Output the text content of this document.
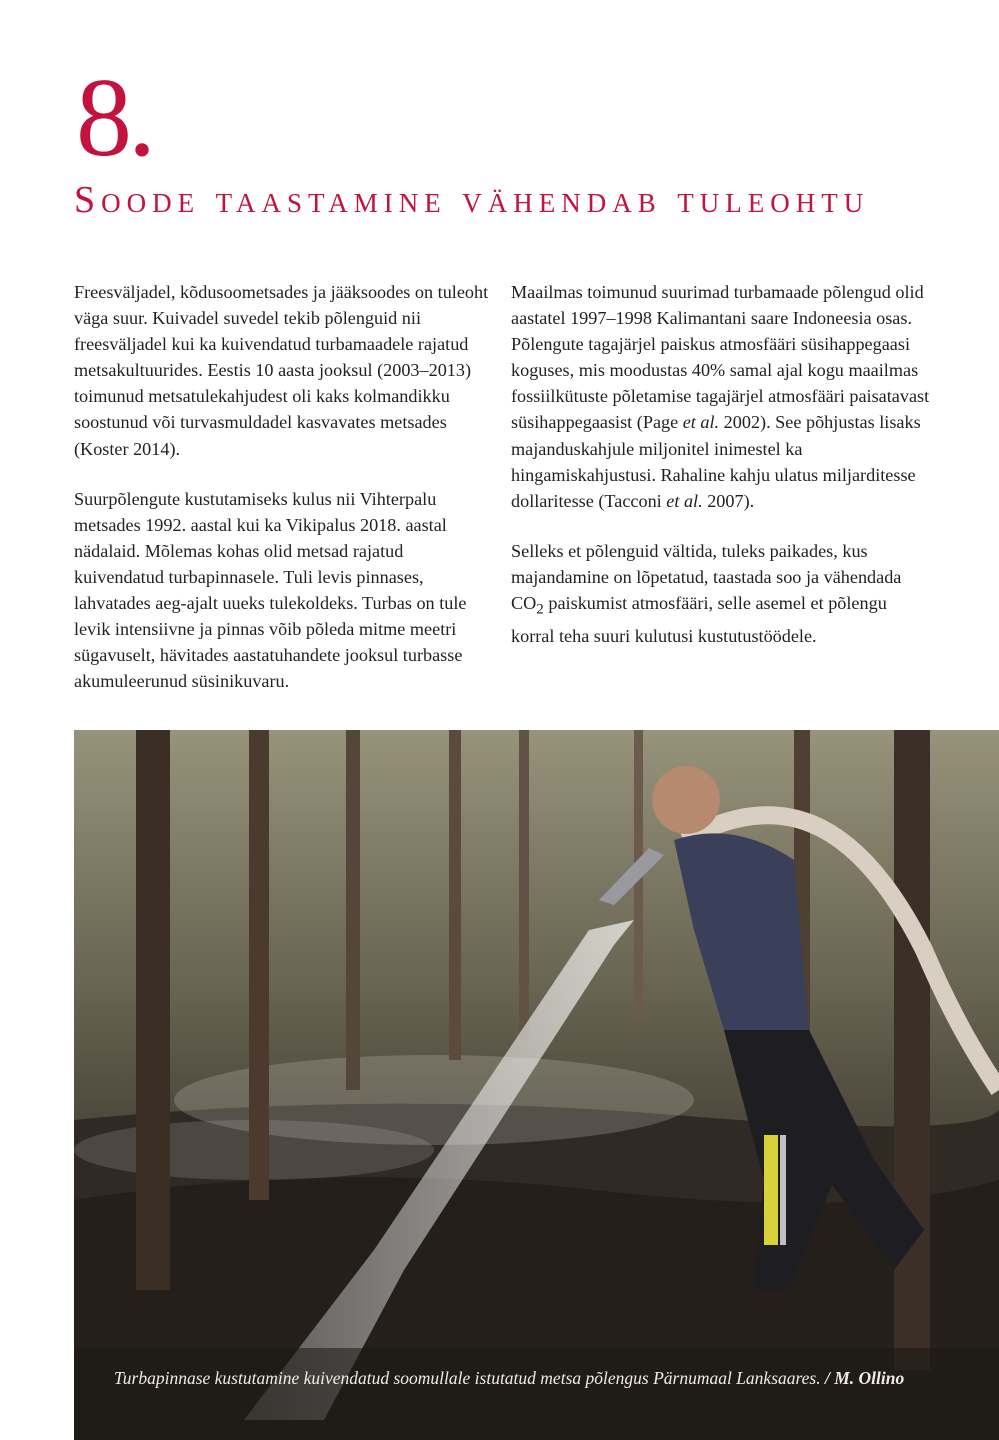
8.
Soode taastamine vähendab tuleohtu

Freesväljadel, kõdusoometsades ja jääksoodes on tuleoht väga suur. Kuivadel suvedel tekib põlenguid nii freesväljadel kui ka kuivendatud turbamaadele rajatud metsakultuurides. Eestis 10 aasta jooksul (2003–2013) toimunud metsatulekahjudest oli kaks kolmandikku soostunud või turvasmuldadel kasvavates metsades (Koster 2014).

Suurpõlengute kustutamiseks kulus nii Vihterpalu metsades 1992. aastal kui ka Vikipalus 2018. aastal nädalaid. Mõlemas kohas olid metsad rajatud kuivendatud turbapinnasele. Tuli levis pinnases, lahvatades aeg-ajalt uueks tulekoldeks. Turbas on tule levik intensiivne ja pinnas võib põleda mitme meetri sügavuselt, hävitades aastatuhandete jooksul turbasse akumuleerunud süsinikuvaru.

Maailmas toimunud suurimad turbamaade põlengud olid aastatel 1997–1998 Kalimantani saare Indoneesia osas. Põlengute tagajärjel paiskus atmosfääri süsihappegaasi koguses, mis moodustas 40% samal ajal kogu maailmas fossiilkütuste põletamise tagajärjel atmosfääri paisatavast süsihappegaasist (Page et al. 2002). See põhjustas lisaks majanduskahjule miljonitel inimestel ka hingamiskahjustusi. Rahaline kahju ulatus miljarditesse dollaritesse (Tacconi et al. 2007).

Selleks et põlenguid vältida, tuleks paikades, kus majandamine on lõpetatud, taastada soo ja vähendada $CO_2$ paiskumist atmosfääri, selle asemel et põlengu korral teha suuri kulutusi kustutustöödele.

Turbapinnase kustutamine kuivendatud soomullale istutatud metsa põlengus Pärnumaal Lanksaares. / M. Ollino
